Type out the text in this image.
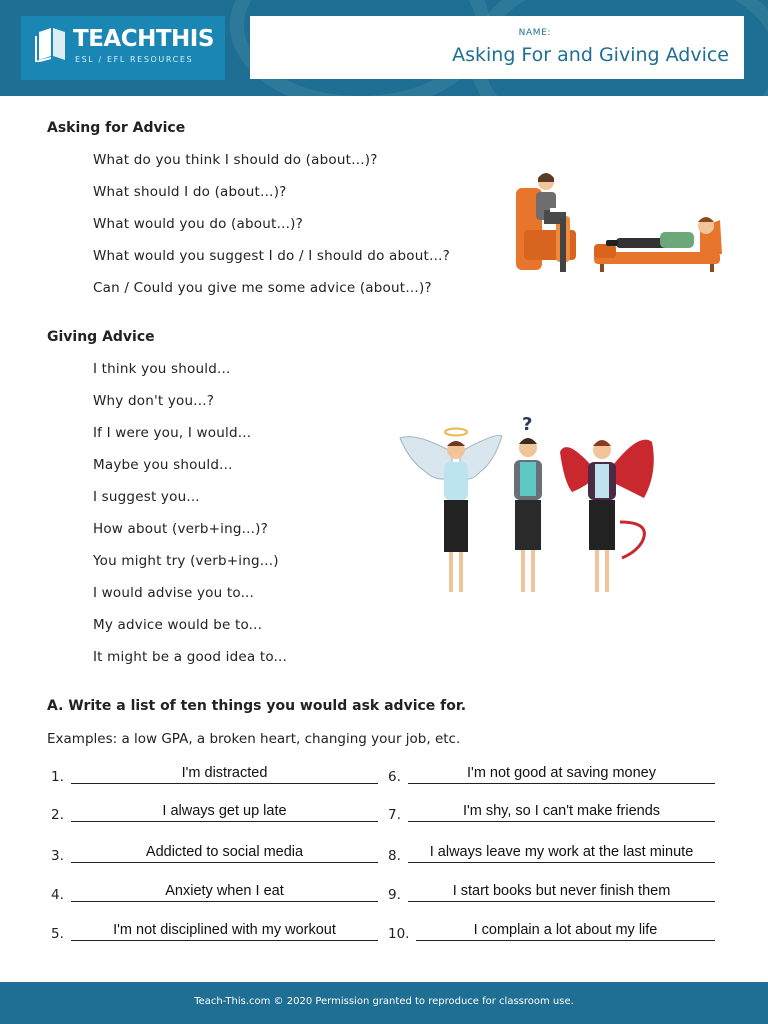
TEACHTHIS
ESL / EFL RESOURCES
NAME:
Asking For and Giving Advice
Asking for Advice
What do you think I should do (about…)?
What should I do (about…)?
What would you do (about…)?
What would you suggest I do / I should do about…?
Can / Could you give me some advice (about…)?
Giving Advice
I think you should...
Why don't you...?
If I were you, I would...
Maybe you should...
I suggest you...
How about (verb+ing...)?
You might try (verb+ing...)
I would advise you to...
My advice would be to...
It might be a good idea to...
?
A. Write a list of ten things you would ask advice for.
Examples: a low GPA, a broken heart, changing your job, etc.
1.	I'm distracted
2.	I always get up late
3.	Addicted to social media
4.	Anxiety when I eat
5.	I'm not disciplined with my workout
6.	I'm not good at saving money
7.	I'm shy, so I can't make friends
8.	I always leave my work at the last minute
9.	I start books but never finish them
10.	I complain a lot about my life
Teach-This.com © 2020 Permission granted to reproduce for classroom use.
